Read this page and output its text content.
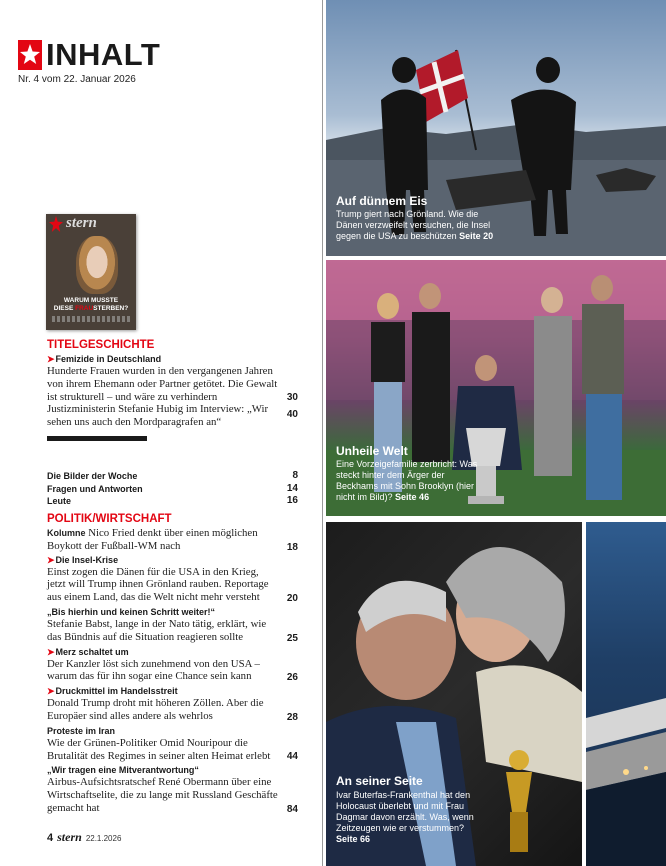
INHALT
Nr. 4 vom 22. Januar 2026
stern
WARUM MUSSTE
DIESE FRAUSTERBEN?
TITELGESCHICHTE
➤Femizide in Deutschland
Hunderte Frauen wurden in den vergangenen Jahren von ihrem Ehemann oder Partner getötet. Die Gewalt ist strukturell – und wäre zu verhindern	30
Justizministerin Stefanie Hubig im Interview: „Wir sehen uns auch den Mordparagrafen an“
40
Die Bilder der Woche	8
Fragen und Antworten	14
Leute	16
POLITIK/WIRTSCHAFT
Kolumne Nico Fried denkt über einen möglichen Boykott der Fußball-WM nach	18
➤Die Insel-Krise
Einst zogen die Dänen für die USA in den Krieg, jetzt will Trump ihnen Grönland rauben. Reportage aus einem Land, das die Welt nicht mehr versteht	20
„Bis hierhin und keinen Schritt weiter!“
Stefanie Babst, lange in der Nato tätig, erklärt, wie das Bündnis auf die Situation reagieren sollte	25
➤Merz schaltet um
Der Kanzler löst sich zunehmend von den USA – warum das für ihn sogar eine Chance sein kann	26
➤Druckmittel im Handelsstreit
Donald Trump droht mit höheren Zöllen. Aber die Europäer sind alles andere als wehrlos	28
Proteste im Iran
Wie der Grünen-Politiker Omid Nouripour die Brutalität des Regimes in seiner alten Heimat erlebt	44
„Wir tragen eine Mitverantwortung“
Airbus-Aufsichtsratschef René Obermann über eine Wirtschaftselite, die zu lange mit Russland Geschäfte gemacht hat	84
4 stern 22.1.2026
Auf dünnem Eis
Trump giert nach Grönland. Wie die Dänen verzweifelt versuchen, die Insel gegen die USA zu beschützen Seite 20
Unheile Welt
Eine Vorzeigefamilie zerbricht: Was steckt hinter dem Ärger der Beckhams mit Sohn Brooklyn (hier nicht im Bild)? Seite 46
An seiner Seite
Ivar Buterfas-Frankenthal hat den Holocaust überlebt und mit Frau Dagmar davon erzählt. Was, wenn Zeitzeugen wie er verstummen? Seite 66
